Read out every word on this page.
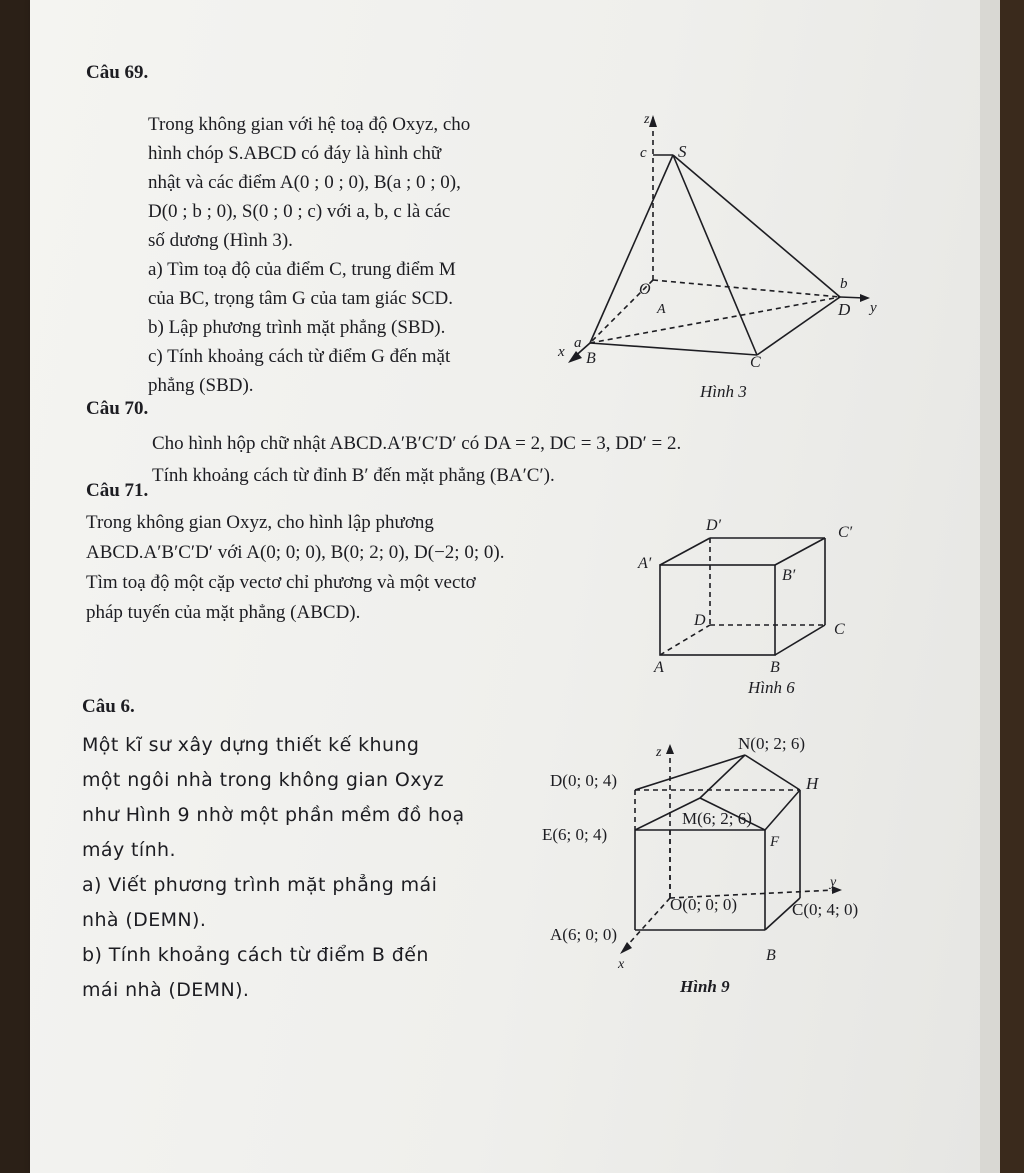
Câu 69.
Trong không gian với hệ toạ độ Oxyz, cho
hình chóp S.ABCD có đáy là hình chữ
nhật và các điểm A(0 ; 0 ; 0), B(a ; 0 ; 0),
D(0 ; b ; 0), S(0 ; 0 ; c) với a, b, c là các
số dương (Hình 3).
a) Tìm toạ độ của điểm C, trung điểm M
của BC, trọng tâm G của tam giác SCD.
b) Lập phương trình mặt phẳng (SBD).
c) Tính khoảng cách từ điểm G đến mặt
phẳng (SBD).
z
c S
O
A
b
D y
a
x B	C
Hình 3
Câu 70.
Cho hình hộp chữ nhật ABCD.A′B′C′D′ có DA = 2, DC = 3, DD′ = 2.
Tính khoảng cách từ đỉnh B′ đến mặt phẳng (BA′C′).
Câu 71.
Trong không gian Oxyz, cho hình lập phương
ABCD.A′B′C′D′ với A(0; 0; 0), B(0; 2; 0), D(−2; 0; 0).
Tìm toạ độ một cặp vectơ chỉ phương và một vectơ
pháp tuyến của mặt phẳng (ABCD).
D′	C′
A′
B′
D
C
A	B
Hình 6
Câu 6.
Một kĩ sư xây dựng thiết kế khung
một ngôi nhà trong không gian Oxyz
như Hình 9 nhờ một phần mềm đồ hoạ
máy tính.
a) Viết phương trình mặt phẳng mái
nhà (DEMN).
b) Tính khoảng cách từ điểm B đến
mái nhà (DEMN).
z	N(0; 2; 6)
D(0; 0; 4)	H
M(6; 2; 6)
E(6; 0; 4)	F
y
O(0; 0; 0)	C(0; 4; 0)
A(6; 0; 0)
x
B
Hình 9
